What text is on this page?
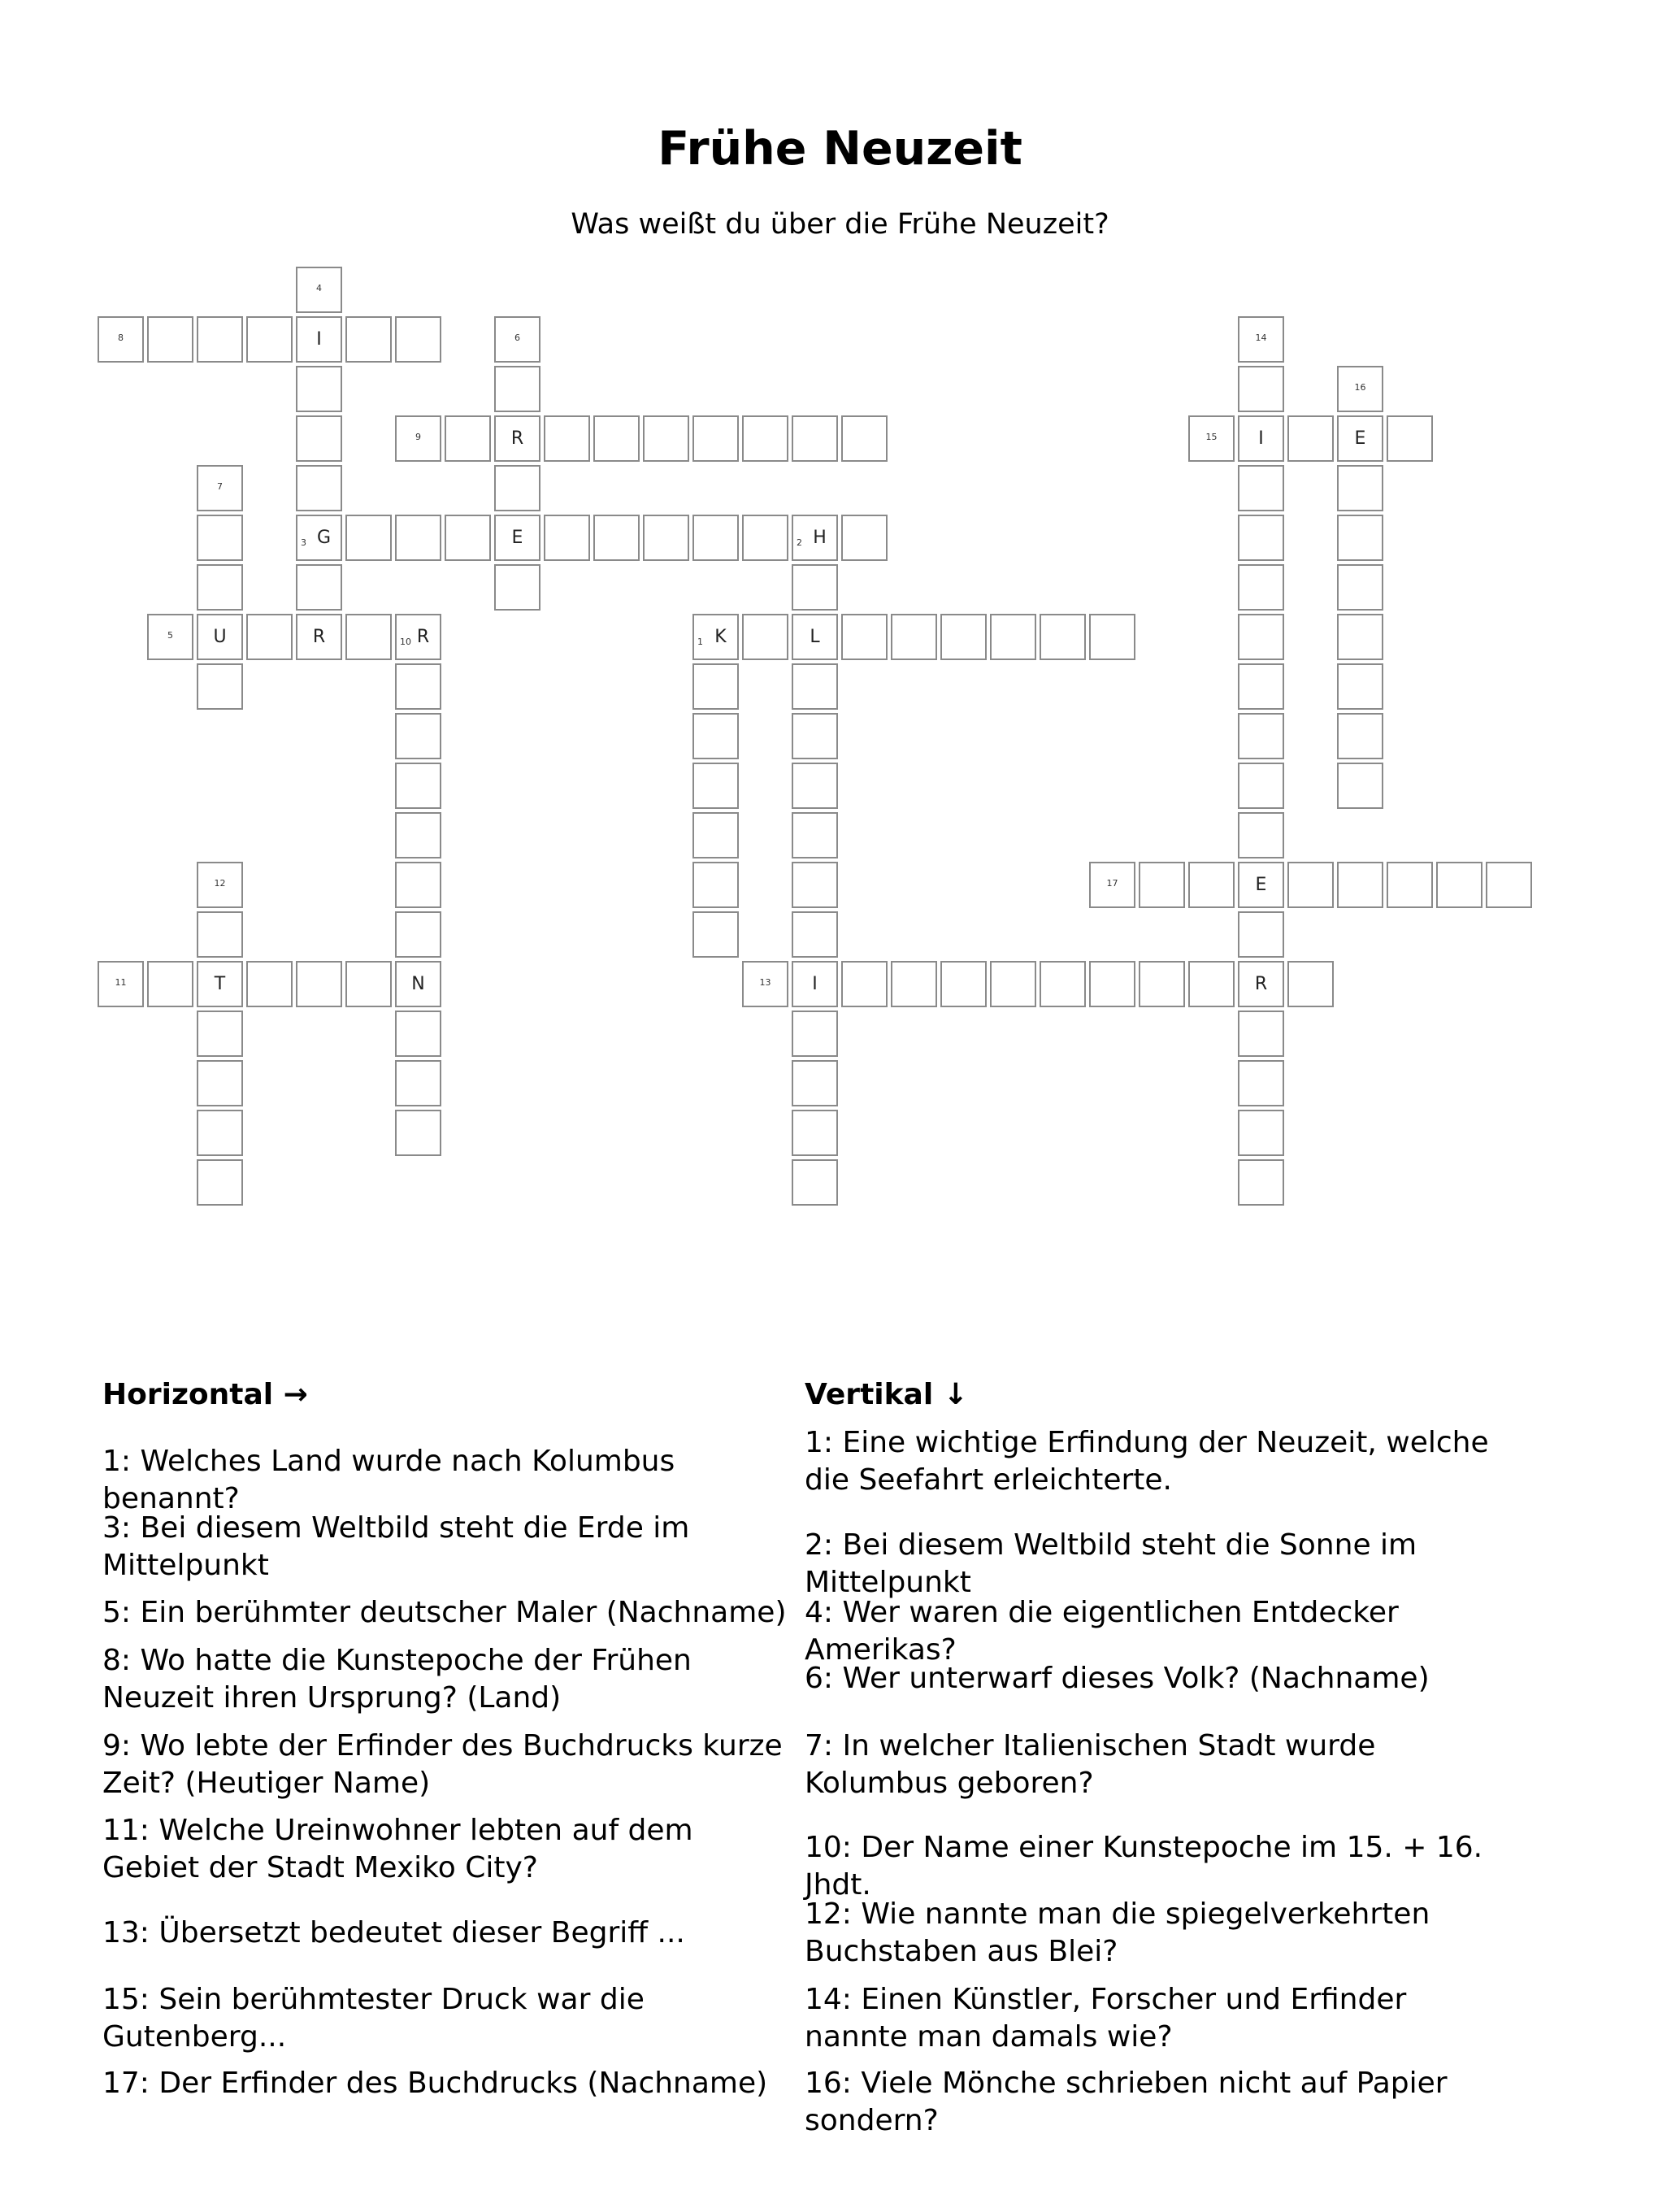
Frühe Neuzeit

Was weißt du über die Frühe Neuzeit?

8	I
4
3 G
9	R
6
E
7
U
2 H
5	R	10 R
N
1 K	L
I
12
T
11	13	R
14
I
E
15	E
16
17
Horizontal →	Vertikal ↓
1: Welches Land wurde nach Kolumbus benannt?
3: Bei diesem Weltbild steht die Erde im Mittelpunkt
5: Ein berühmter deutscher Maler (Nachname)
8: Wo hatte die Kunstepoche der Frühen Neuzeit ihren Ursprung? (Land)
9: Wo lebte der Erfinder des Buchdrucks kurze Zeit? (Heutiger Name)
11: Welche Ureinwohner lebten auf dem Gebiet der Stadt Mexiko City?
13: Übersetzt bedeutet dieser Begriff ...
15: Sein berühmtester Druck war die Gutenberg...
17: Der Erfinder des Buchdrucks (Nachname)
1: Eine wichtige Erfindung der Neuzeit, welche die Seefahrt erleichterte.
2: Bei diesem Weltbild steht die Sonne im Mittelpunkt
4: Wer waren die eigentlichen Entdecker Amerikas?
6: Wer unterwarf dieses Volk? (Nachname)
7: In welcher Italienischen Stadt wurde Kolumbus geboren?
10: Der Name einer Kunstepoche im 15. + 16. Jhdt.
12: Wie nannte man die spiegelverkehrten Buchstaben aus Blei?
14: Einen Künstler, Forscher und Erfinder nannte man damals wie?
16: Viele Mönche schrieben nicht auf Papier sondern?
